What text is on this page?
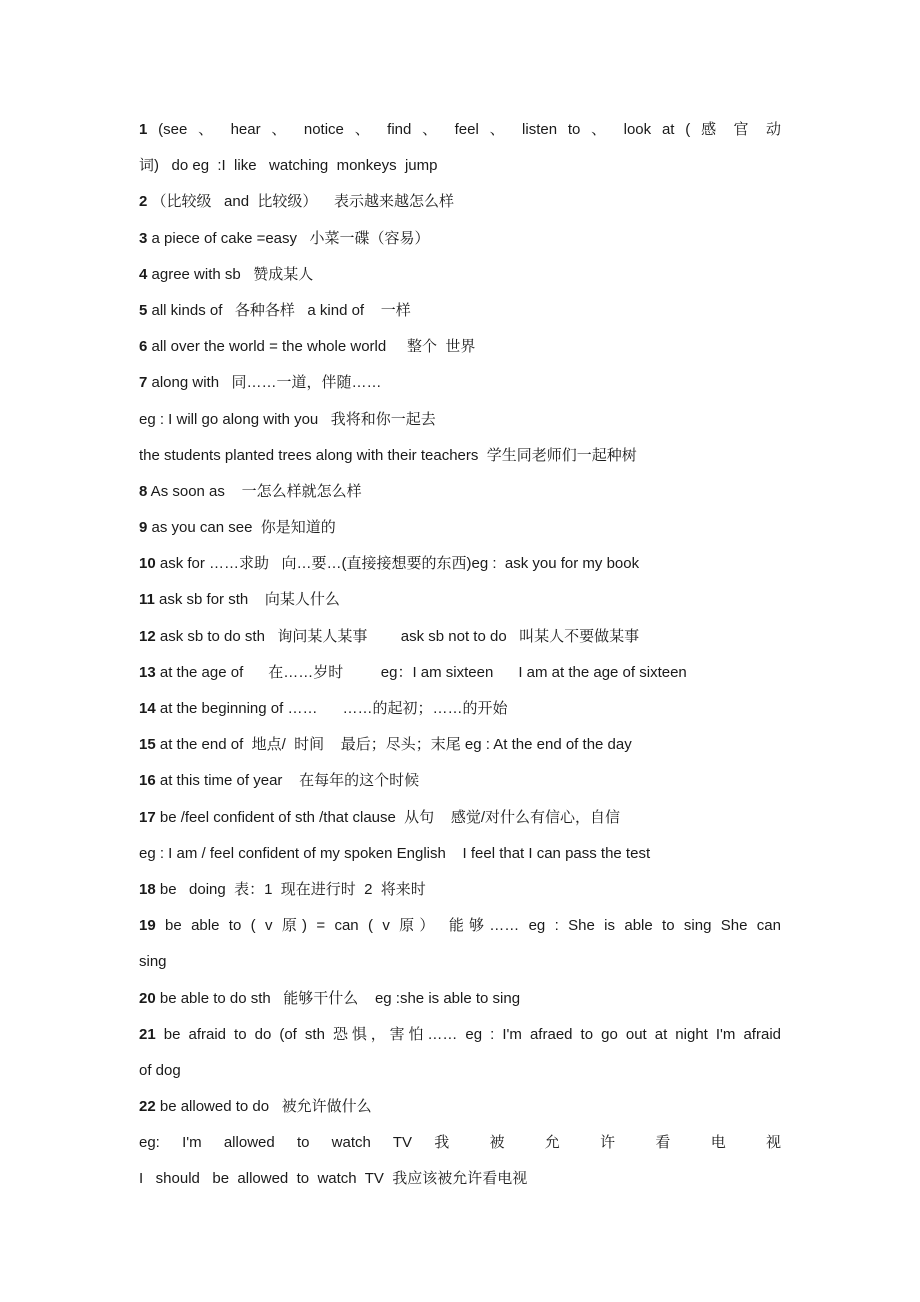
1 (see 、 hear 、 notice 、 find 、 feel 、 listen to 、 look at ( 感 官 动
词)   do eg  :I  like   watching  monkeys  jump
2 （比较级   and  比较级）    表示越来越怎么样
3 a piece of cake =easy   小菜一碟（容易）
4 agree with sb   赞成某人
5 all kinds of   各种各样   a kind of    一样
6 all over the world = the whole world     整个  世界
7 along with   同……一道，伴随……
eg : I will go along with you   我将和你一起去
the students planted trees along with their teachers  学生同老师们一起种树
8 As soon as    一怎么样就怎么样
9 as you can see  你是知道的
10 ask for ……求助   向…要…(直接接想要的东西)eg :  ask you for my book
11 ask sb for sth    向某人什么
12 ask sb to do sth   询问某人某事        ask sb not to do   叫某人不要做某事
13 at the age of      在……岁时         eg：I am sixteen      I am at the age of sixteen
14 at the beginning of ……      ……的起初；……的开始
15 at the end of  地点/  时间    最后；尽头；末尾 eg : At the end of the day
16 at this time of year    在每年的这个时候
17 be /feel confident of sth /that clause  从句    感觉/对什么有信心，自信
eg : I am / feel confident of my spoken English    I feel that I can pass the test
18 be   doing  表：1  现在进行时  2  将来时
19 be able to ( v 原) = can ( v 原） 能够…… eg : She is able to sing She can
sing
20 be able to do sth   能够干什么    eg :she is able to sing
21 be afraid to do (of sth 恐惧，害怕…… eg : I'm afraed to go out at night I'm afraid
of dog
22 be allowed to do   被允许做什么
eg: I'm allowed to watch TV 我 被 允 许 看 电 视
I   should   be  allowed  to  watch  TV  我应该被允许看电视
